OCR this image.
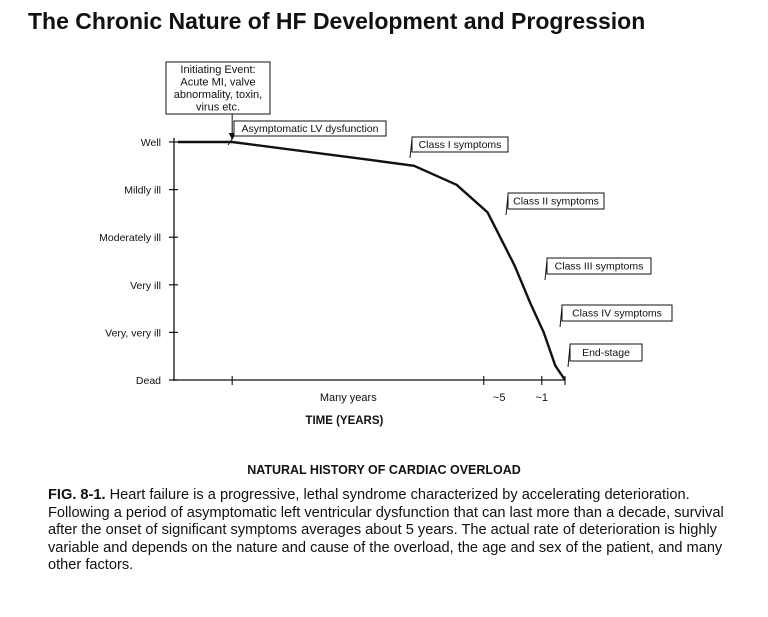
The Chronic Nature of HF Development and Progression
Well
Mildly ill
Moderately ill
Very ill
Very, very ill
Dead
Many years	~5	~1
TIME (YEARS)
Initiating Event:
Acute MI, valve
abnormality, toxin,
virus etc.
Asymptomatic LV dysfunction
Class I symptoms
Class II symptoms
Class III symptoms
Class IV symptoms
End-stage
NATURAL HISTORY OF CARDIAC OVERLOAD
FIG. 8-1. Heart failure is a progressive, lethal syndrome characterized by accelerating deterioration. Following a period of asymptomatic left ventricular dysfunction that can last more than a decade, survival after the onset of significant symptoms averages about 5 years. The actual rate of deterioration is highly variable and depends on the nature and cause of the overload, the age and sex of the patient, and many other factors.
